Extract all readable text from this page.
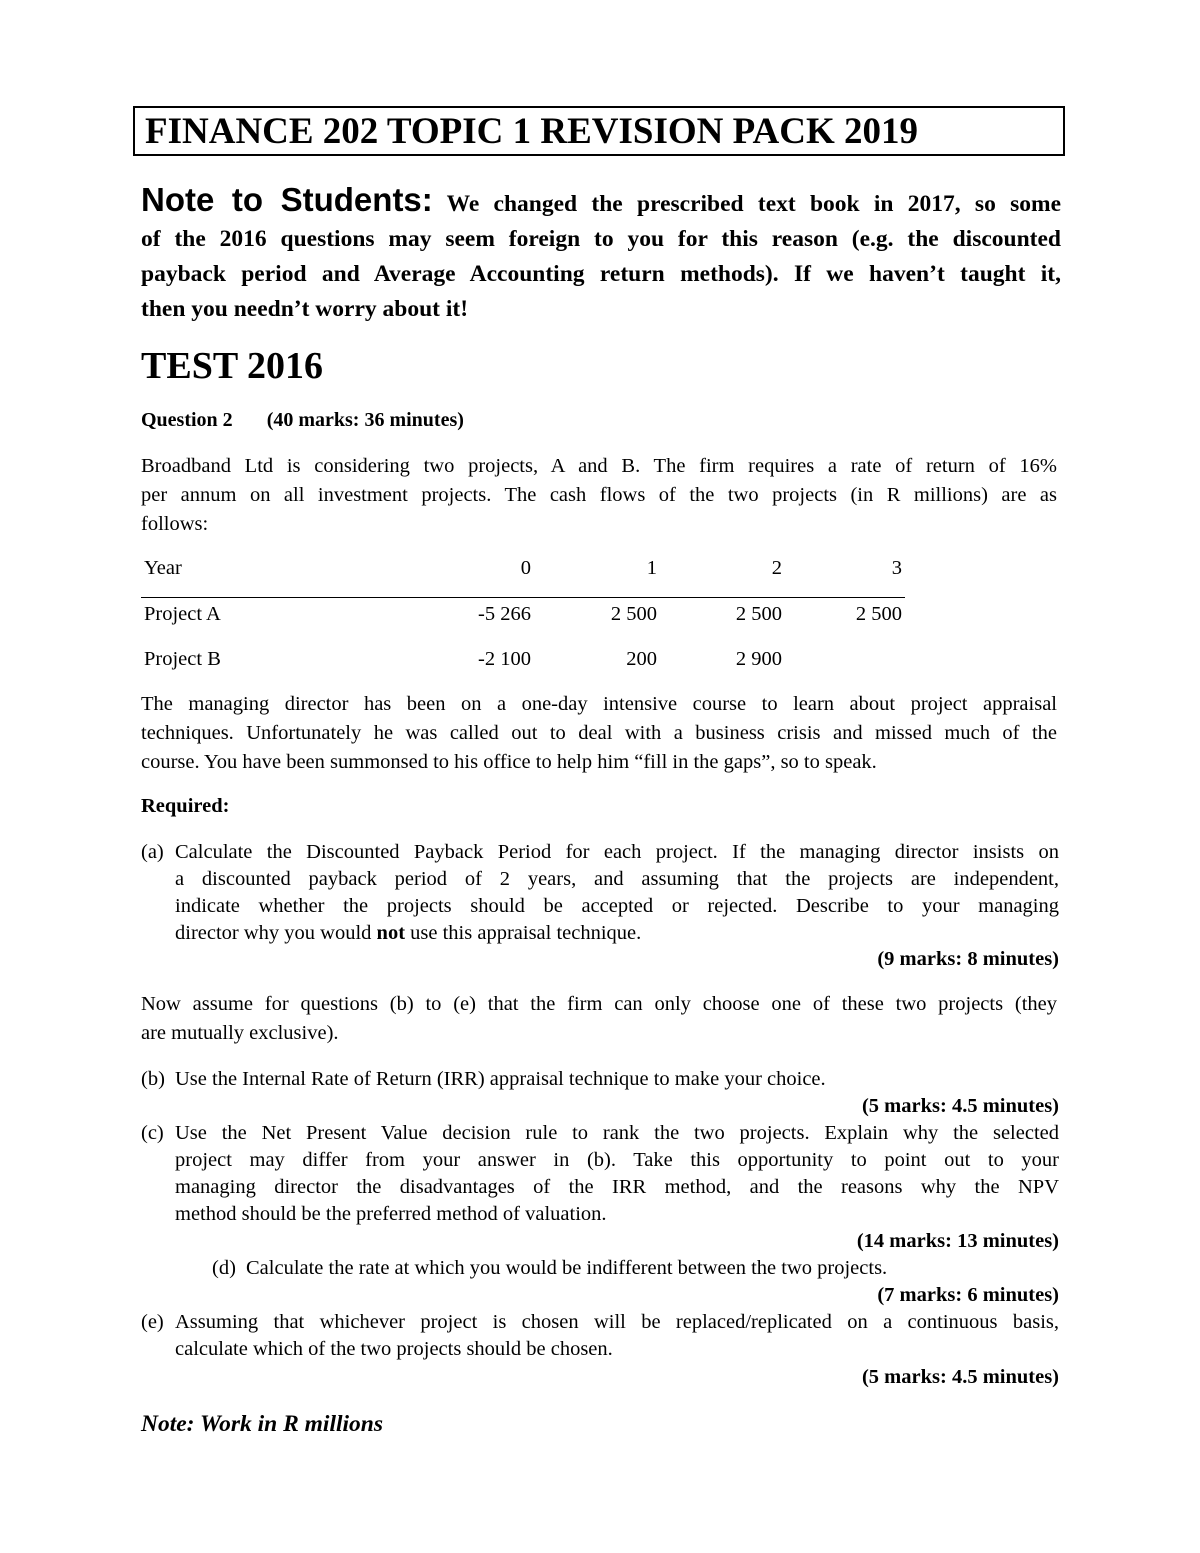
FINANCE 202 TOPIC 1 REVISION PACK 2019
Note to Students: We changed the prescribed text book in 2017, so some
of the 2016 questions may seem foreign to you for this reason (e.g. the discounted
payback period and Average Accounting return methods). If we haven’t taught it,
then you needn’t worry about it!
TEST 2016
Question 2 (40 marks: 36 minutes)
Broadband Ltd is considering two projects, A and B. The firm requires a rate of return of 16%
per annum on all investment projects. The cash flows of the two projects (in R millions) are as
follows:
Year	0	1	2	3
Project A	-5 266	2 500	2 500	2 500
Project B	-2 100	200	2 900
The managing director has been on a one-day intensive course to learn about project appraisal
techniques. Unfortunately he was called out to deal with a business crisis and missed much of the
course. You have been summonsed to his office to help him “fill in the gaps”, so to speak.
Required:
(a) Calculate the Discounted Payback Period for each project. If the managing director insists on
a discounted payback period of 2 years, and assuming that the projects are independent,
indicate whether the projects should be accepted or rejected. Describe to your managing
director why you would not use this appraisal technique.
(9 marks: 8 minutes)
Now assume for questions (b) to (e) that the firm can only choose one of these two projects (they
are mutually exclusive).
(b) Use the Internal Rate of Return (IRR) appraisal technique to make your choice.
(5 marks: 4.5 minutes)
(c) Use the Net Present Value decision rule to rank the two projects. Explain why the selected
project may differ from your answer in (b). Take this opportunity to point out to your
managing director the disadvantages of the IRR method, and the reasons why the NPV
method should be the preferred method of valuation.
(14 marks: 13 minutes)
(d) Calculate the rate at which you would be indifferent between the two projects.
(7 marks: 6 minutes)
(e) Assuming that whichever project is chosen will be replaced/replicated on a continuous basis,
calculate which of the two projects should be chosen.
(5 marks: 4.5 minutes)
Note: Work in R millions
